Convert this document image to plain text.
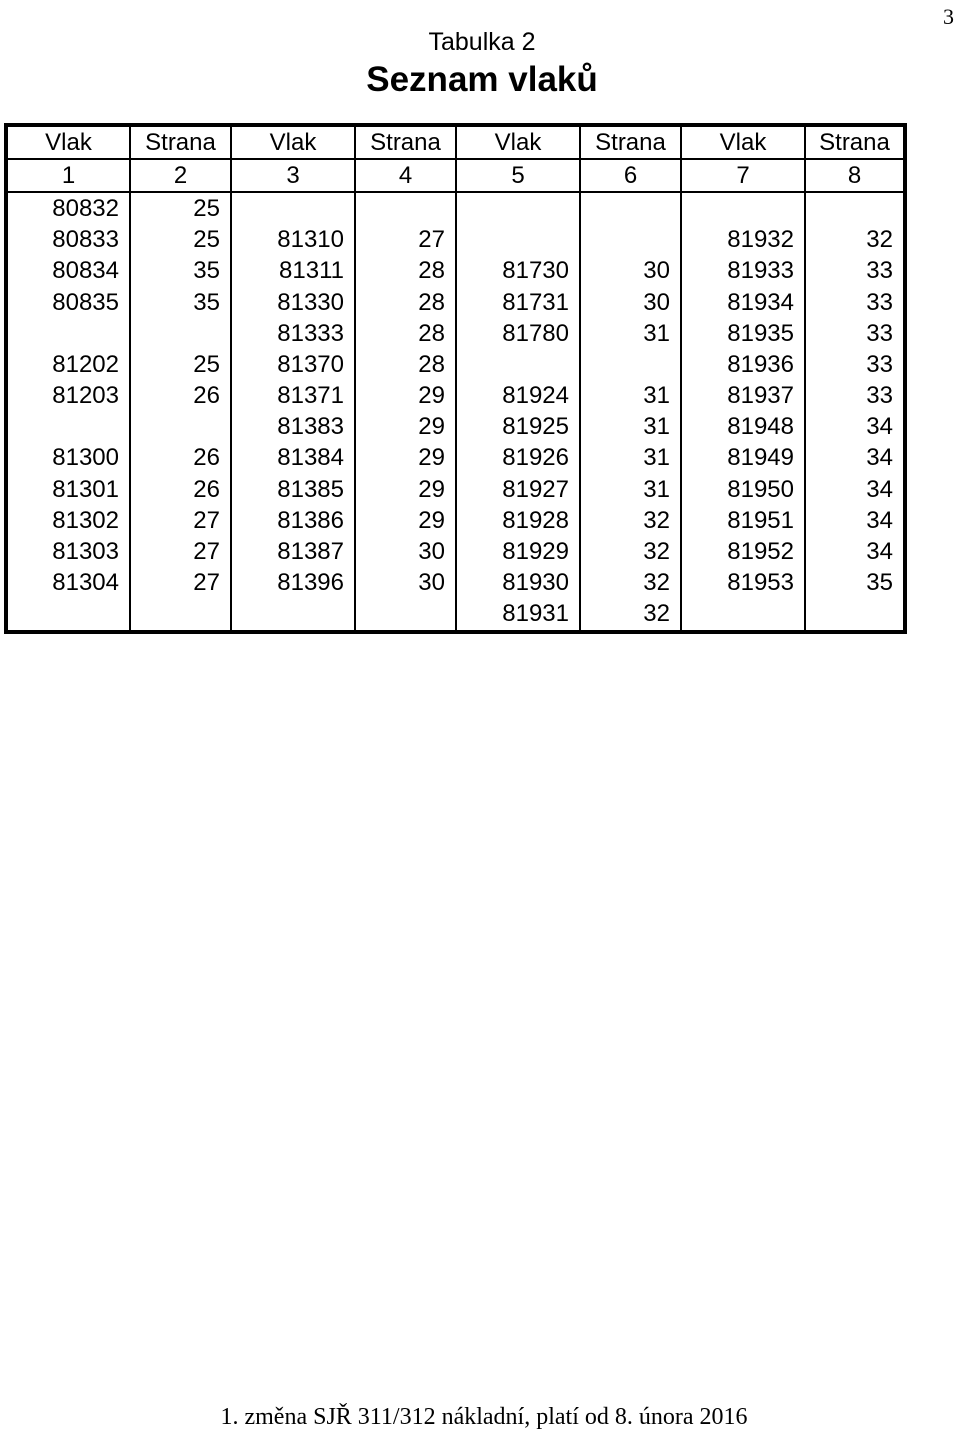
3
Tabulka 2
Seznam vlaků
Vlak	Strana	Vlak	Strana	Vlak	Strana	Vlak	Strana
1	2	3	4	5	6	7	8
80832	25						
80833	25	81310	27			81932	32
80834	35	81311	28	81730	30	81933	33
80835	35	81330	28	81731	30	81934	33
		81333	28	81780	31	81935	33
81202	25	81370	28			81936	33
81203	26	81371	29	81924	31	81937	33
		81383	29	81925	31	81948	34
81300	26	81384	29	81926	31	81949	34
81301	26	81385	29	81927	31	81950	34
81302	27	81386	29	81928	32	81951	34
81303	27	81387	30	81929	32	81952	34
81304	27	81396	30	81930	32	81953	35
				81931	32		
1. změna SJŘ 311/312 nákladní, platí od 8. února 2016
